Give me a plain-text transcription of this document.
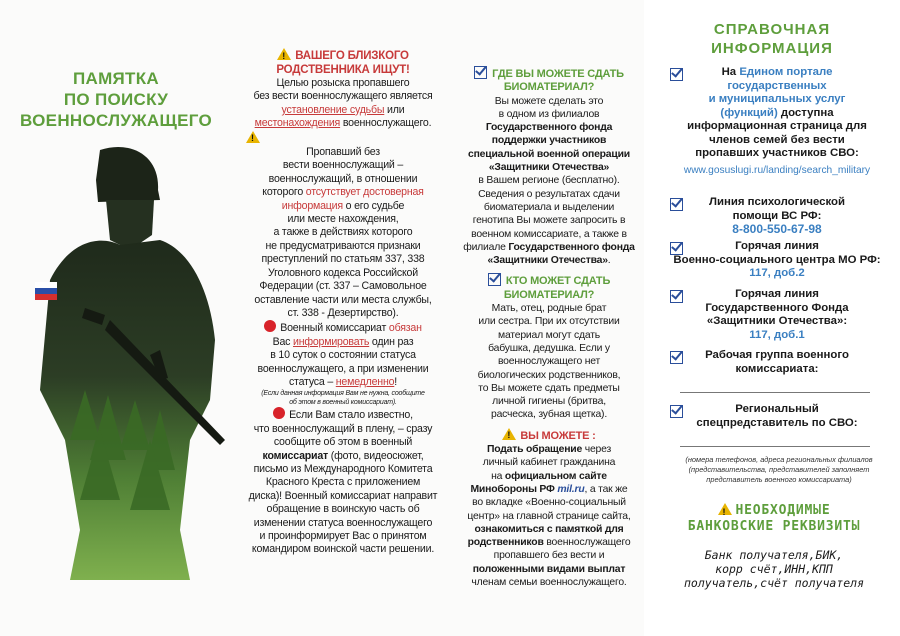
ПАМЯТКА
ПО ПОИСКУ
ВОЕННОСЛУЖАЩЕГО
!ВАШЕГО БЛИЗКОГО
РОДСТВЕННИКА ИЩУТ!
Целью розыска пропавшего
без вести военнослужащего является
установление судьбы или
местонахождения военнослужащего.
!
Пропавший без
вести военнослужащий –
военнослужащий, в отношении
которого отсутствует достоверная
информация о его судьбе
или месте нахождения,
а также в действиях которого
не предусматриваются признаки
преступлений по статьям 337, 338
Уголовного кодекса Российской
Федерации (ст. 337 – Самовольное
оставление части или места службы,
ст. 338 - Дезертирство).
Военный комиссариат обязан
Вас информировать один раз
в 10 суток о состоянии статуса
военнослужащего, а при изменении
статуса – немедленно!
(Если данная информация Вам не нужна, сообщите
об этом в военный комиссариат).
Если Вам стало известно,
что военнослужащий в плену, – сразу
сообщите об этом в военный
комиссариат (фото, видеосюжет,
письмо из Международного Комитета
Красного Креста с приложением
диска)! Военный комиссариат направит
обращение в воинскую часть об
изменении статуса военнослужащего
и проинформирует Вас о принятом
командиром воинской части решении.
ГДЕ ВЫ МОЖЕТЕ СДАТЬ
БИОМАТЕРИАЛ?
Вы можете сделать это
в одном из филиалов
Государственного фонда
поддержки участников
специальной военной операции
«Защитники Отечества»
в Вашем регионе (бесплатно).
Сведения о результатах сдачи
биоматериала и выделении
генотипа Вы можете запросить в
военном комиссариате, а также в
филиале Государственного фонда
«Защитники Отечества».
КТО МОЖЕТ СДАТЬ
БИОМАТЕРИАЛ?
Мать, отец, родные брат
или сестра. При их отсутствии
материал могут сдать
бабушка, дедушка. Если у
военнослужащего нет
биологических родственников,
то Вы можете сдать предметы
личной гигиены (бритва,
расческа, зубная щетка).
!ВЫ МОЖЕТЕ :
Подать обращение через
личный кабинет гражданина
на официальном сайте
Минобороны РФ mil.ru, а так же
во вкладке «Военно-социальный
центр» на главной странице сайта,
ознакомиться с памяткой для
родственников военнослужащего
пропавшего без вести и
положенными видами выплат
членам семьи военнослужащего.
СПРАВОЧНАЯ
ИНФОРМАЦИЯ
На Едином портале
государственных
и муниципальных услуг
(функций) доступна
информационная страница для
членов семей без вести
пропавших участников СВО:
www.gosuslugi.ru/landing/search_military
Линия психологической
помощи ВС РФ:
8-800-550-67-98
Горячая линия
Военно-социального центра МО РФ:
117, доб.2
Горячая линия
Государственного Фонда
«Защитники Отечества»:
117, доб.1
Рабочая группа военного
комиссариата:
Региональный
спецпредставитель по СВО:
(номера телефонов, адреса региональных филиалов
(представительства, представителей заполняет
представитель военного комиссариата)
!НЕОБХОДИМЫЕ
БАНКОВСКИЕ РЕКВИЗИТЫ
Банк получателя,БИК,
корр счёт,ИНН,КПП
получатель,счёт получателя
